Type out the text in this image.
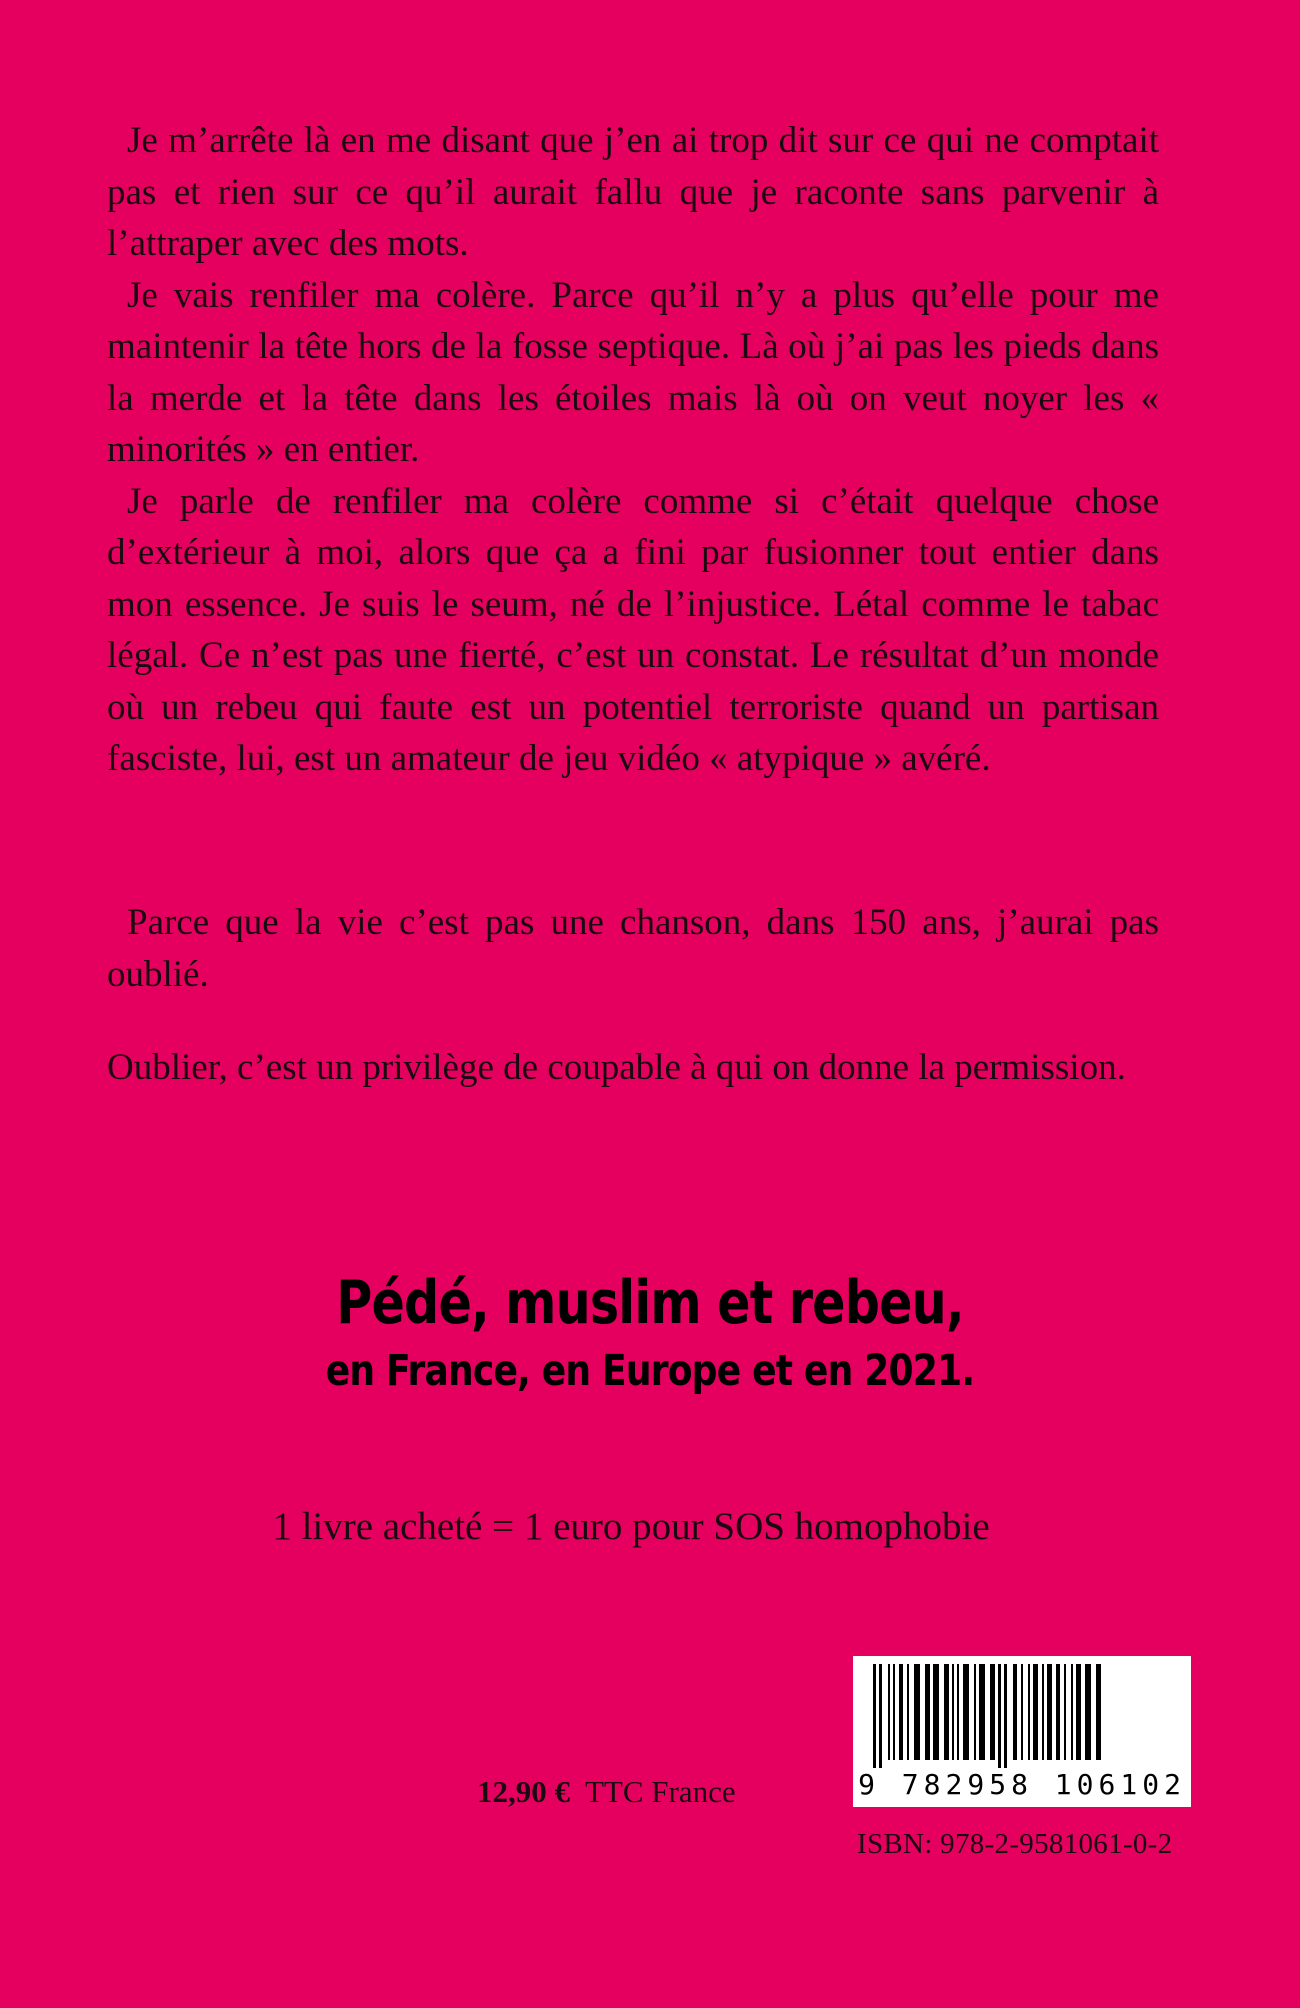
Je m’arrête là en me disant que j’en ai trop dit sur ce qui ne comptait pas et rien sur ce qu’il aurait fallu que je raconte sans parvenir à l’attraper avec des mots.

Je vais renfiler ma colère. Parce qu’il n’y a plus qu’elle pour me maintenir la tête hors de la fosse septique. Là où j’ai pas les pieds dans la merde et la tête dans les étoiles mais là où on veut noyer les « minorités » en entier.

Je parle de renfiler ma colère comme si c’était quelque chose d’extérieur à moi, alors que ça a fini par fusionner tout entier dans mon essence. Je suis le seum, né de l’injustice. Létal comme le tabac légal. Ce n’est pas une fierté, c’est un constat. Le résultat d’un monde où un rebeu qui faute est un potentiel terroriste quand un partisan fasciste, lui, est un amateur de jeu vidéo « atypique » avéré.

Parce que la vie c’est pas une chanson, dans 150 ans, j’aurai pas oublié.

Oublier, c’est un privilège de coupable à qui on donne la permission.

Pédé, muslim et rebeu,
en France, en Europe et en 2021.
1 livre acheté = 1 euro pour SOS homophobie
12,90 € TTC France	9 782958 106102
ISBN: 978-2-9581061-0-2
